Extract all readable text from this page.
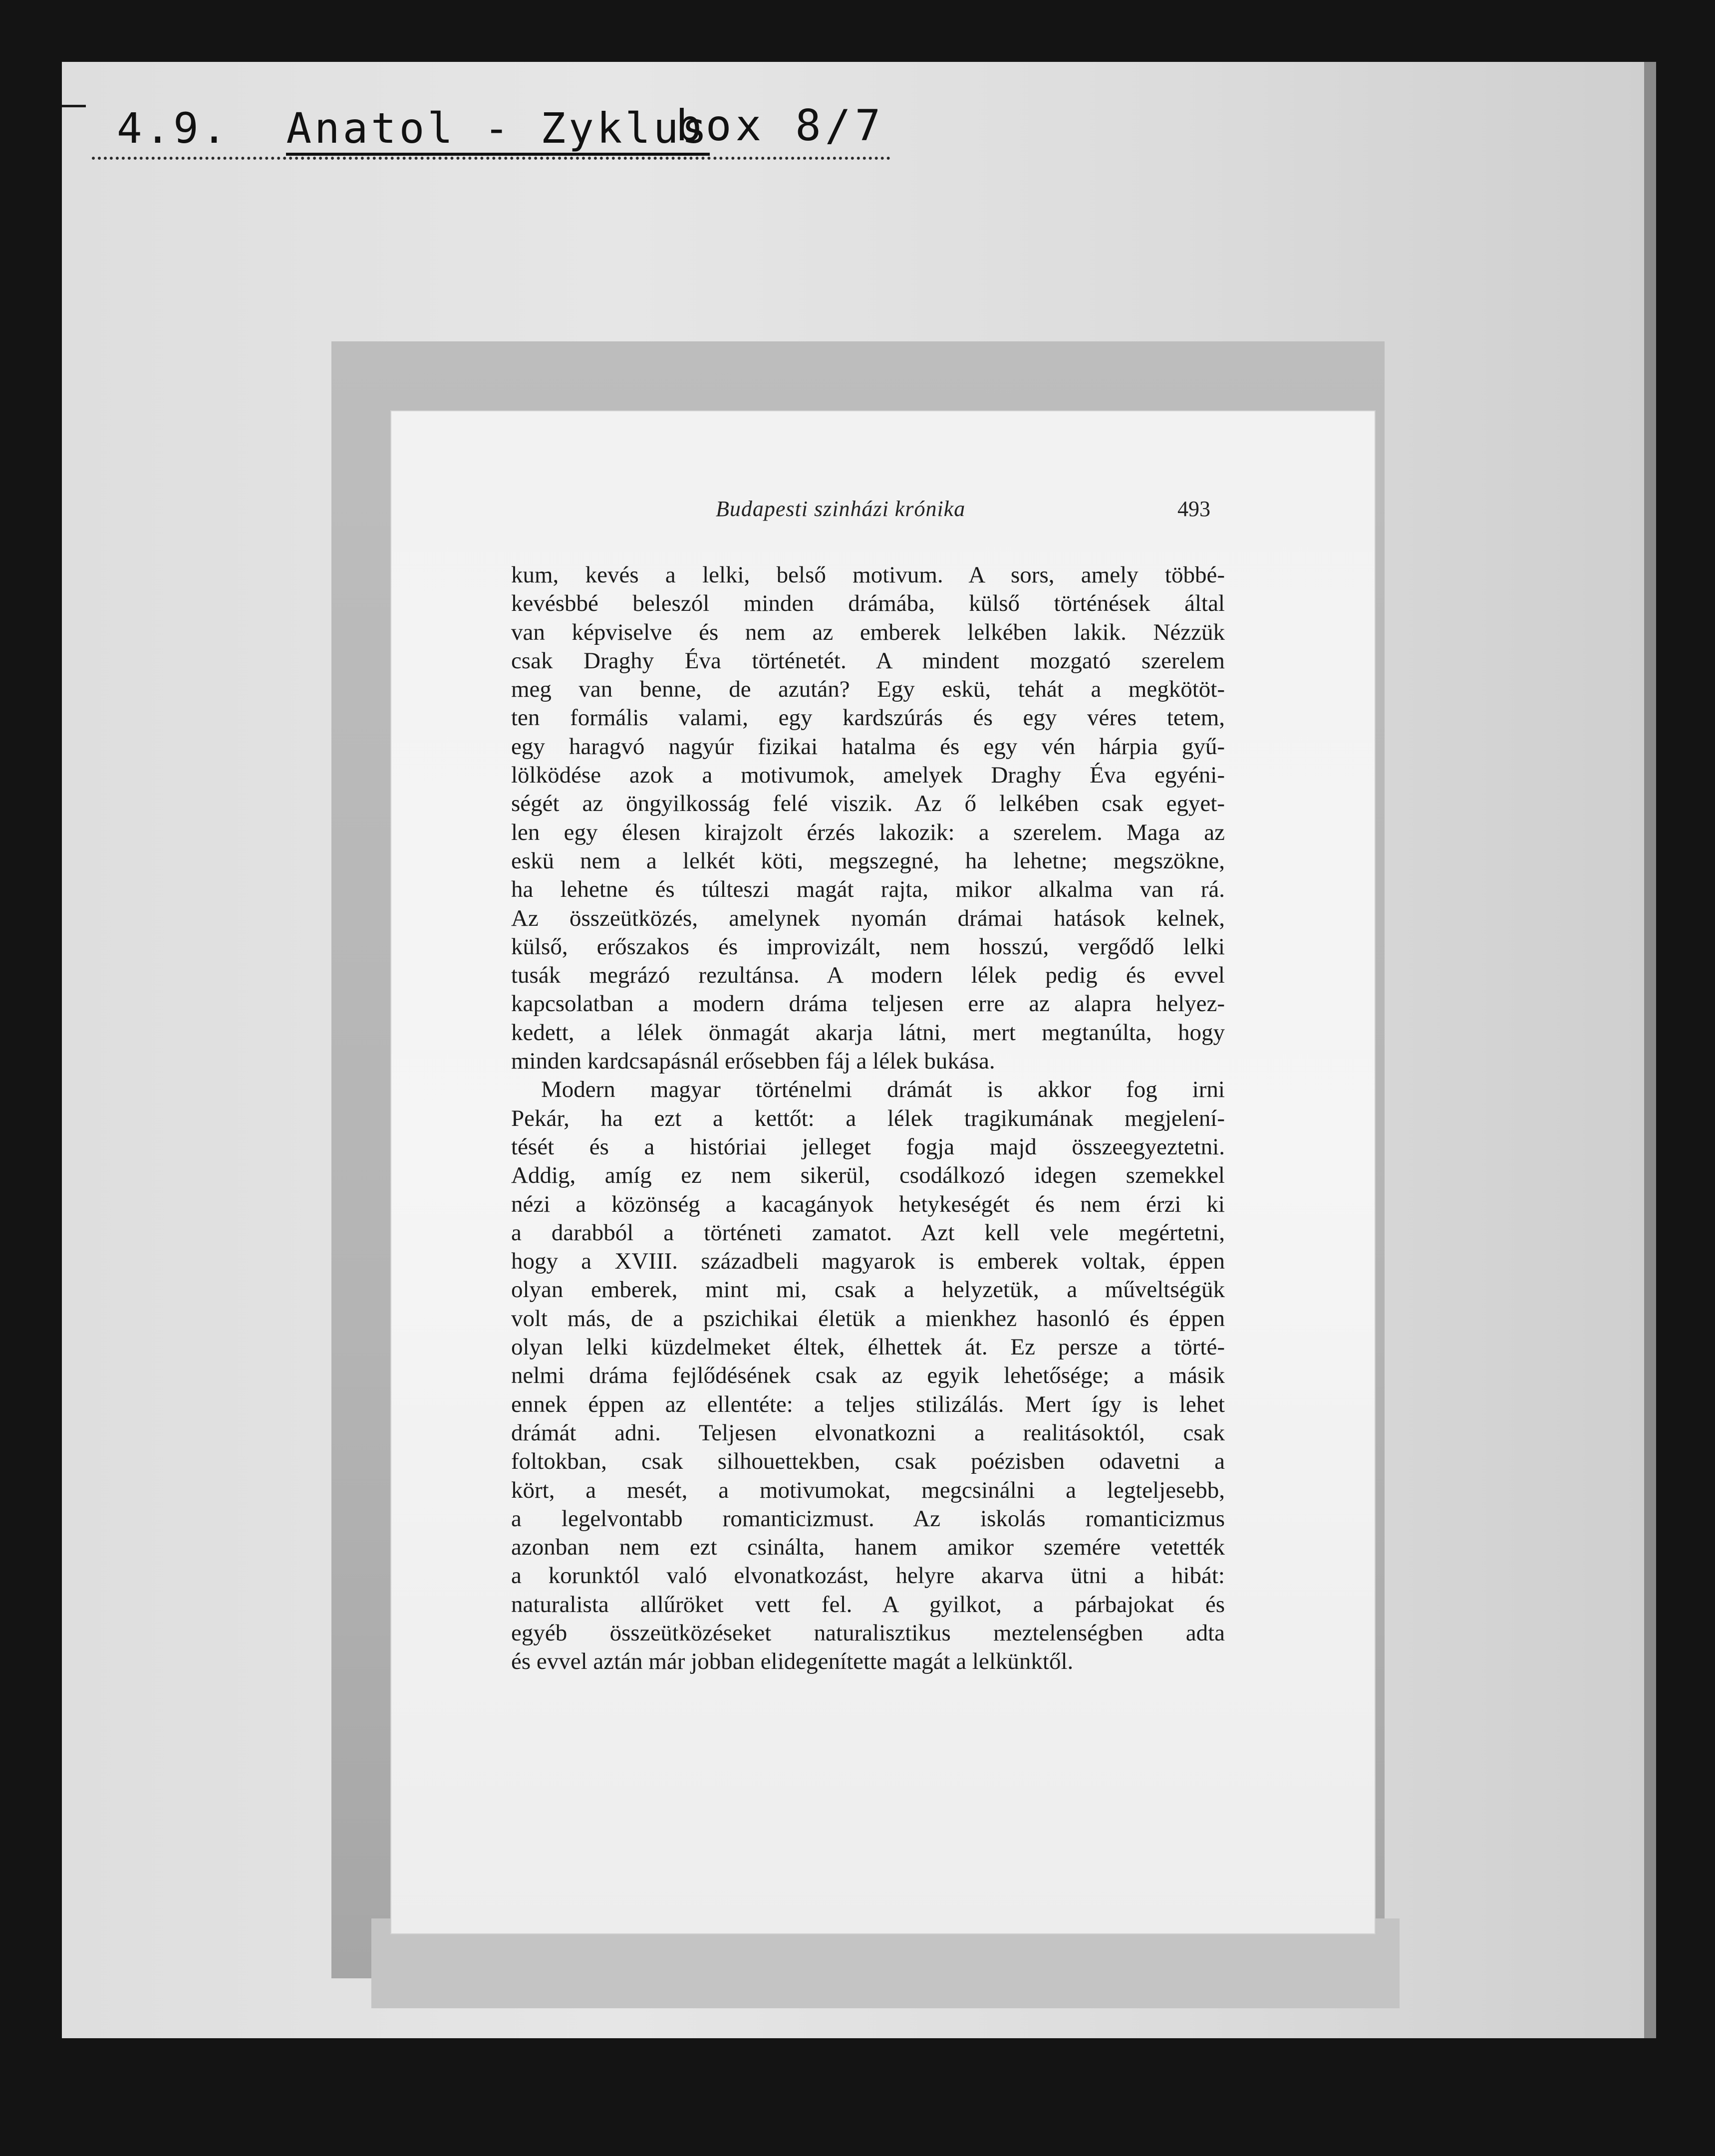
4.9. Anatol - Zyklus
box 8/7
Budapesti szinházi krónika	493
kum, kevés a lelki, belső motivum. A sors, amely többé-
kevésbbé beleszól minden drámába, külső történések által
van képviselve és nem az emberek lelkében lakik. Nézzük
csak Draghy Éva történetét. A mindent mozgató szerelem
meg van benne, de azután? Egy eskü, tehát a megkötöt-
ten formális valami, egy kardszúrás és egy véres tetem,
egy haragvó nagyúr fizikai hatalma és egy vén hárpia gyű-
lölködése azok a motivumok, amelyek Draghy Éva egyéni-
ségét az öngyilkosság felé viszik. Az ő lelkében csak egyet-
len egy élesen kirajzolt érzés lakozik: a szerelem. Maga az
eskü nem a lelkét köti, megszegné, ha lehetne; megszökne,
ha lehetne és túlteszi magát rajta, mikor alkalma van rá.
Az összeütközés, amelynek nyomán drámai hatások kelnek,
külső, erőszakos és improvizált, nem hosszú, vergődő lelki
tusák megrázó rezultánsa. A modern lélek pedig és evvel
kapcsolatban a modern dráma teljesen erre az alapra helyez-
kedett, a lélek önmagát akarja látni, mert megtanúlta, hogy
minden kardcsapásnál erősebben fáj a lélek bukása.
Modern magyar történelmi drámát is akkor fog irni
Pekár, ha ezt a kettőt: a lélek tragikumának megjelení-
tését és a históriai jelleget fogja majd összeegyeztetni.
Addig, amíg ez nem sikerül, csodálkozó idegen szemekkel
nézi a közönség a kacagányok hetykeségét és nem érzi ki
a darabból a történeti zamatot. Azt kell vele megértetni,
hogy a XVIII. századbeli magyarok is emberek voltak, éppen
olyan emberek, mint mi, csak a helyzetük, a műveltségük
volt más, de a pszichikai életük a mienkhez hasonló és éppen
olyan lelki küzdelmeket éltek, élhettek át. Ez persze a törté-
nelmi dráma fejlődésének csak az egyik lehetősége; a másik
ennek éppen az ellentéte: a teljes stilizálás. Mert így is lehet
drámát adni. Teljesen elvonatkozni a realitásoktól, csak
foltokban, csak silhouettekben, csak poézisben odavetni a
kört, a mesét, a motivumokat, megcsinálni a legteljesebb,
a legelvontabb romanticizmust. Az iskolás romanticizmus
azonban nem ezt csinálta, hanem amikor szemére vetették
a korunktól való elvonatkozást, helyre akarva ütni a hibát:
naturalista allűröket vett fel. A gyilkot, a párbajokat és
egyéb összeütközéseket naturalisztikus meztelenségben adta
és evvel aztán már jobban elidegenítette magát a lelkünktől.
